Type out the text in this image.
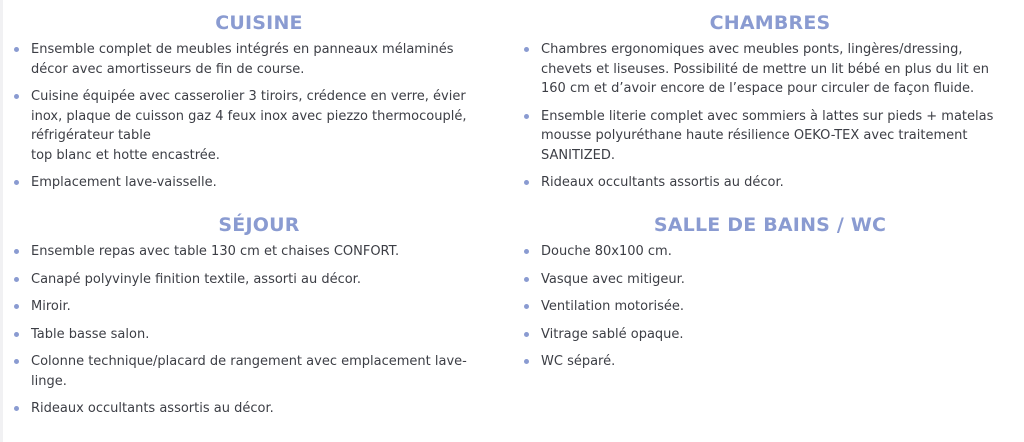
CUISINE
Ensemble complet de meubles intégrés en panneaux mélaminés
décor avec amortisseurs de fin de course.
Cuisine équipée avec casserolier 3 tiroirs, crédence en verre, évier
inox, plaque de cuisson gaz 4 feux inox avec piezzo thermocouplé,
réfrigérateur table
top blanc et hotte encastrée.
Emplacement lave-vaisselle.
SÉJOUR
Ensemble repas avec table 130 cm et chaises CONFORT.
Canapé polyvinyle finition textile, assorti au décor.
Miroir.
Table basse salon.
Colonne technique/placard de rangement avec emplacement lave-
linge.
Rideaux occultants assortis au décor.
CHAMBRES
Chambres ergonomiques avec meubles ponts, lingères/dressing,
chevets et liseuses. Possibilité de mettre un lit bébé en plus du lit en
160 cm et d’avoir encore de l’espace pour circuler de façon fluide.
Ensemble literie complet avec sommiers à lattes sur pieds + matelas
mousse polyuréthane haute résilience OEKO-TEX avec traitement
SANITIZED.
Rideaux occultants assortis au décor.
SALLE DE BAINS / WC
Douche 80x100 cm.
Vasque avec mitigeur.
Ventilation motorisée.
Vitrage sablé opaque.
WC séparé.
